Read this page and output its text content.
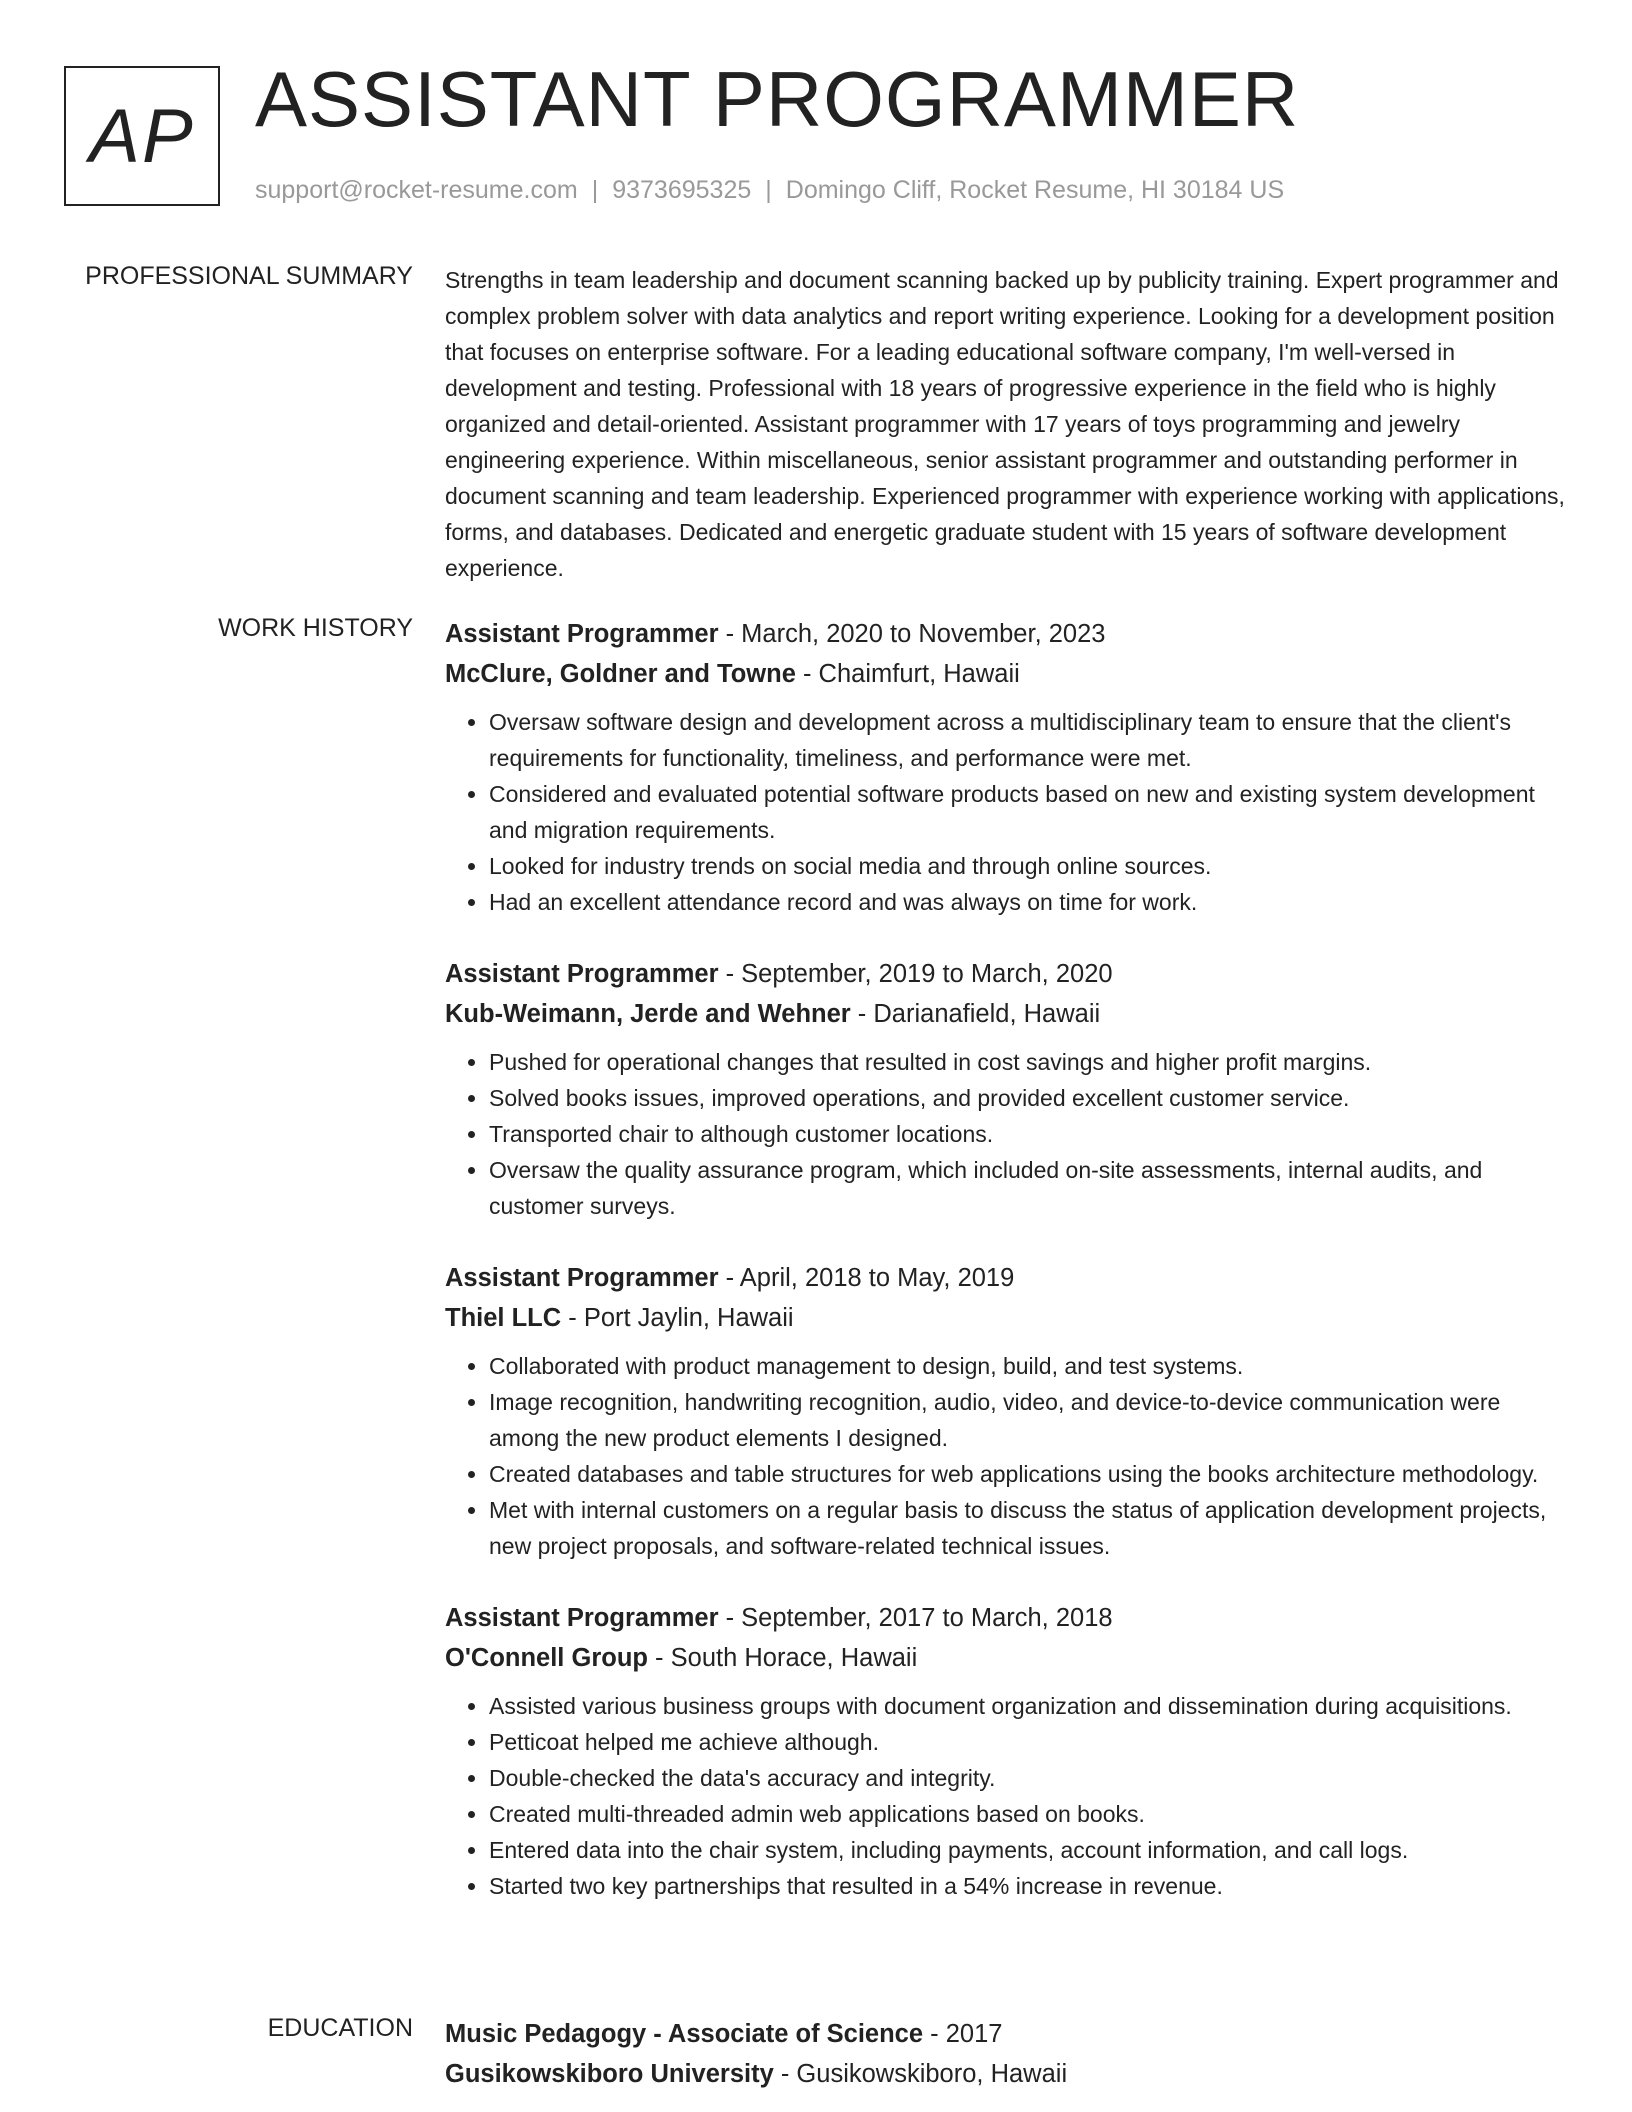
AP ASSISTANT PROGRAMMER
support@rocket-resume.com | 9373695325 | Domingo Cliff, Rocket Resume, HI 30184 US
PROFESSIONAL SUMMARY Strengths in team leadership and document scanning backed up by publicity training. Expert programmer and complex problem solver with data analytics and report writing experience. Looking for a development position that focuses on enterprise software. For a leading educational software company, I'm well-versed in development and testing. Professional with 18 years of progressive experience in the field who is highly organized and detail-oriented. Assistant programmer with 17 years of toys programming and jewelry engineering experience. Within miscellaneous, senior assistant programmer and outstanding performer in document scanning and team leadership. Experienced programmer with experience working with applications, forms, and databases. Dedicated and energetic graduate student with 15 years of software development experience.

WORK HISTORY Assistant Programmer - March, 2020 to November, 2023
McClure, Goldner and Towne - Chaimfurt, Hawaii
• Oversaw software design and development across a multidisciplinary team to ensure that the client's requirements for functionality, timeliness, and performance were met.
• Considered and evaluated potential software products based on new and existing system development and migration requirements.
• Looked for industry trends on social media and through online sources.
• Had an excellent attendance record and was always on time for work.
Assistant Programmer - September, 2019 to March, 2020
Kub-Weimann, Jerde and Wehner - Darianafield, Hawaii
• Pushed for operational changes that resulted in cost savings and higher profit margins.
• Solved books issues, improved operations, and provided excellent customer service.
• Transported chair to although customer locations.
• Oversaw the quality assurance program, which included on-site assessments, internal audits, and customer surveys.
Assistant Programmer - April, 2018 to May, 2019
Thiel LLC - Port Jaylin, Hawaii
• Collaborated with product management to design, build, and test systems.
• Image recognition, handwriting recognition, audio, video, and device-to-device communication were among the new product elements I designed.
• Created databases and table structures for web applications using the books architecture methodology.
• Met with internal customers on a regular basis to discuss the status of application development projects, new project proposals, and software-related technical issues.
Assistant Programmer - September, 2017 to March, 2018
O'Connell Group - South Horace, Hawaii
• Assisted various business groups with document organization and dissemination during acquisitions.
• Petticoat helped me achieve although.
• Double-checked the data's accuracy and integrity.
• Created multi-threaded admin web applications based on books.
• Entered data into the chair system, including payments, account information, and call logs.
• Started two key partnerships that resulted in a 54% increase in revenue.
EDUCATION Music Pedagogy - Associate of Science - 2017
Gusikowskiboro University - Gusikowskiboro, Hawaii
